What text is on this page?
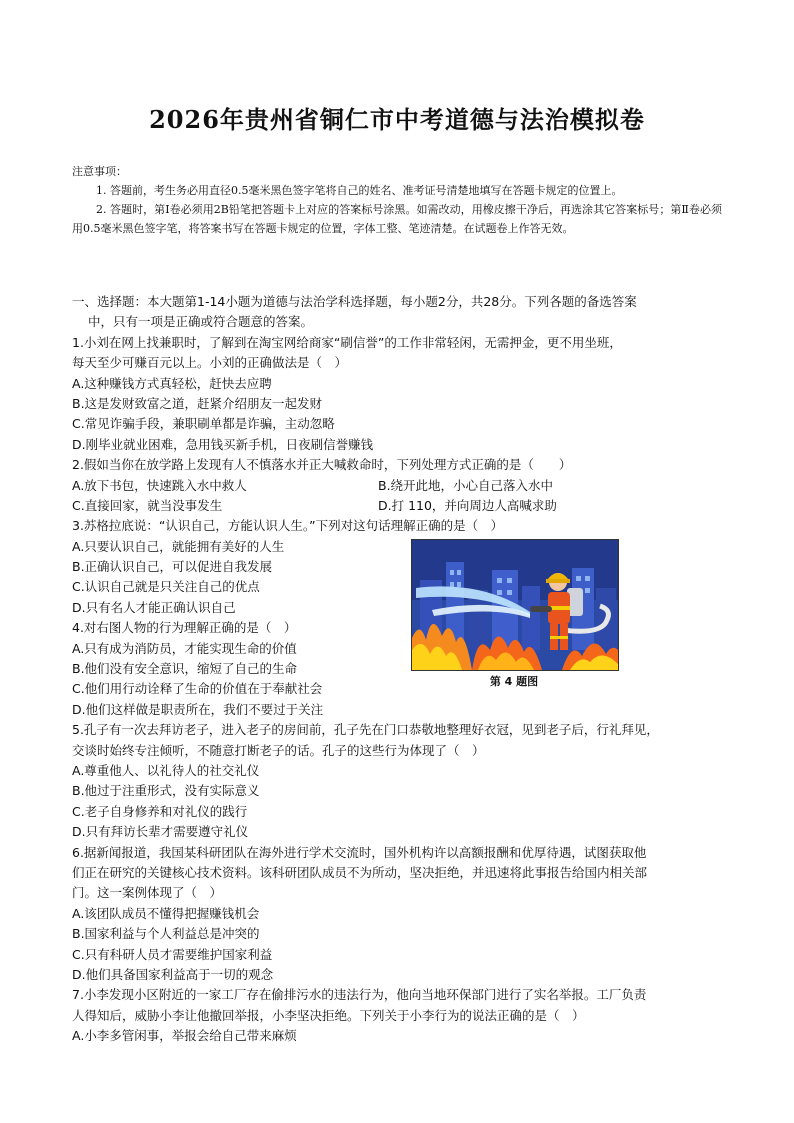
2026年贵州省铜仁市中考道德与法治模拟卷

注意事项：

1. 答题前，考生务必用直径0.5毫米黑色签字笔将自己的姓名、准考证号清楚地填写在答题卡规定的位置上。

2. 答题时，第Ⅰ卷必须用2B铅笔把答题卡上对应的答案标号涂黑。如需改动，用橡皮擦干净后，再选涂其它答案标号；第Ⅱ卷必须用0.5毫米黑色签字笔，将答案书写在答题卡规定的位置，字体工整、笔迹清楚。在试题卷上作答无效。

一、选择题：本大题第1-14小题为道德与法治学科选择题，每小题2分，共28分。下列各题的备选答案
中，只有一项是正确或符合题意的答案。
1.小刘在网上找兼职时，了解到在淘宝网给商家“刷信誉”的工作非常轻闲，无需押金，更不用坐班，
每天至少可赚百元以上。小刘的正确做法是（　）
A.这种赚钱方式真轻松，赶快去应聘
B.这是发财致富之道，赶紧介绍朋友一起发财
C.常见诈骗手段，兼职刷单都是诈骗，主动忽略
D.刚毕业就业困难，急用钱买新手机，日夜刷信誉赚钱
2.假如当你在放学路上发现有人不慎落水并正大喊救命时，下列处理方式正确的是（　　）
A.放下书包，快速跳入水中救人	B.绕开此地，小心自己落入水中
C.直接回家，就当没事发生	D.打 110，并向周边人高喊求助
3.苏格拉底说：“认识自己，方能认识人生。”下列对这句话理解正确的是（　）
A.只要认识自己，就能拥有美好的人生
B.正确认识自己，可以促进自我发展
C.认识自己就是只关注自己的优点
D.只有名人才能正确认识自己
4.对右图人物的行为理解正确的是（　）
A.只有成为消防员，才能实现生命的价值
B.他们没有安全意识，缩短了自己的生命
C.他们用行动诠释了生命的价值在于奉献社会
D.他们这样做是职责所在，我们不要过于关注
5.孔子有一次去拜访老子，进入老子的房间前，孔子先在门口恭敬地整理好衣冠，见到老子后，行礼拜见，
交谈时始终专注倾听，不随意打断老子的话。孔子的这些行为体现了（　）
A.尊重他人、以礼待人的社交礼仪
B.他过于注重形式，没有实际意义
C.老子自身修养和对礼仪的践行
D.只有拜访长辈才需要遵守礼仪
6.据新闻报道，我国某科研团队在海外进行学术交流时，国外机构许以高额报酬和优厚待遇，试图获取他
们正在研究的关键核心技术资料。该科研团队成员不为所动，坚决拒绝，并迅速将此事报告给国内相关部
门。这一案例体现了（　）
A.该团队成员不懂得把握赚钱机会
B.国家利益与个人利益总是冲突的
C.只有科研人员才需要维护国家利益
D.他们具备国家利益高于一切的观念
7.小李发现小区附近的一家工厂存在偷排污水的违法行为，他向当地环保部门进行了实名举报。工厂负责
人得知后，威胁小李让他撤回举报，小李坚决拒绝。下列关于小李行为的说法正确的是（　）
A.小李多管闲事，举报会给自己带来麻烦
第 4 题图
